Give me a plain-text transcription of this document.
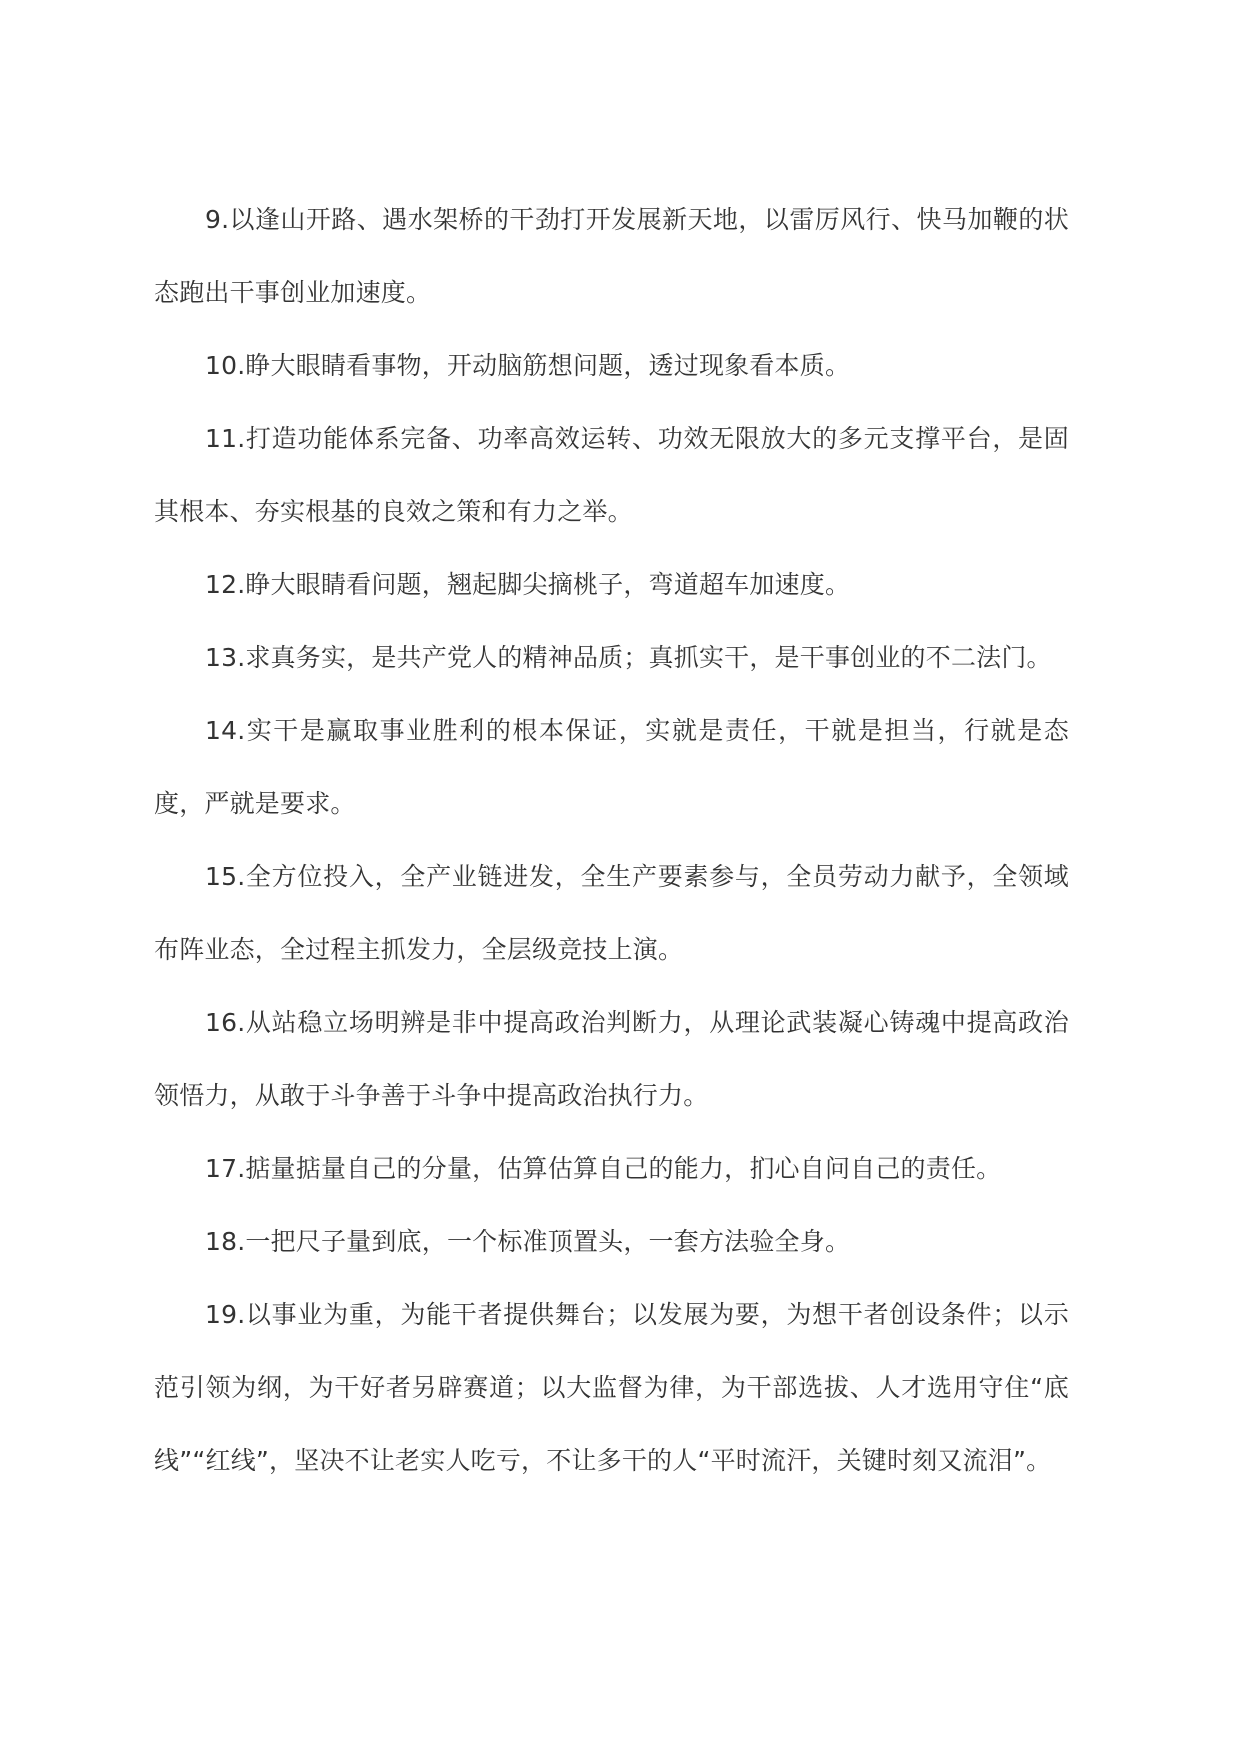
9.以逢山开路、遇水架桥的干劲打开发展新天地，以雷厉风行、快马加鞭的状态跑出干事创业加速度。

10.睁大眼睛看事物，开动脑筋想问题，透过现象看本质。

11.打造功能体系完备、功率高效运转、功效无限放大的多元支撑平台，是固其根本、夯实根基的良效之策和有力之举。

12.睁大眼睛看问题，翘起脚尖摘桃子，弯道超车加速度。

13.求真务实，是共产党人的精神品质；真抓实干，是干事创业的不二法门。

14.实干是赢取事业胜利的根本保证，实就是责任，干就是担当，行就是态度，严就是要求。

15.全方位投入，全产业链进发，全生产要素参与，全员劳动力献予，全领域布阵业态，全过程主抓发力，全层级竞技上演。

16.从站稳立场明辨是非中提高政治判断力，从理论武装凝心铸魂中提高政治领悟力，从敢于斗争善于斗争中提高政治执行力。

17.掂量掂量自己的分量，估算估算自己的能力，扪心自问自己的责任。

18.一把尺子量到底，一个标准顶置头，一套方法验全身。

19.以事业为重，为能干者提供舞台；以发展为要，为想干者创设条件；以示范引领为纲，为干好者另辟赛道；以大监督为律，为干部选拔、人才选用守住“底线”“红线”，坚决不让老实人吃亏，不让多干的人“平时流汗，关键时刻又流泪”。
